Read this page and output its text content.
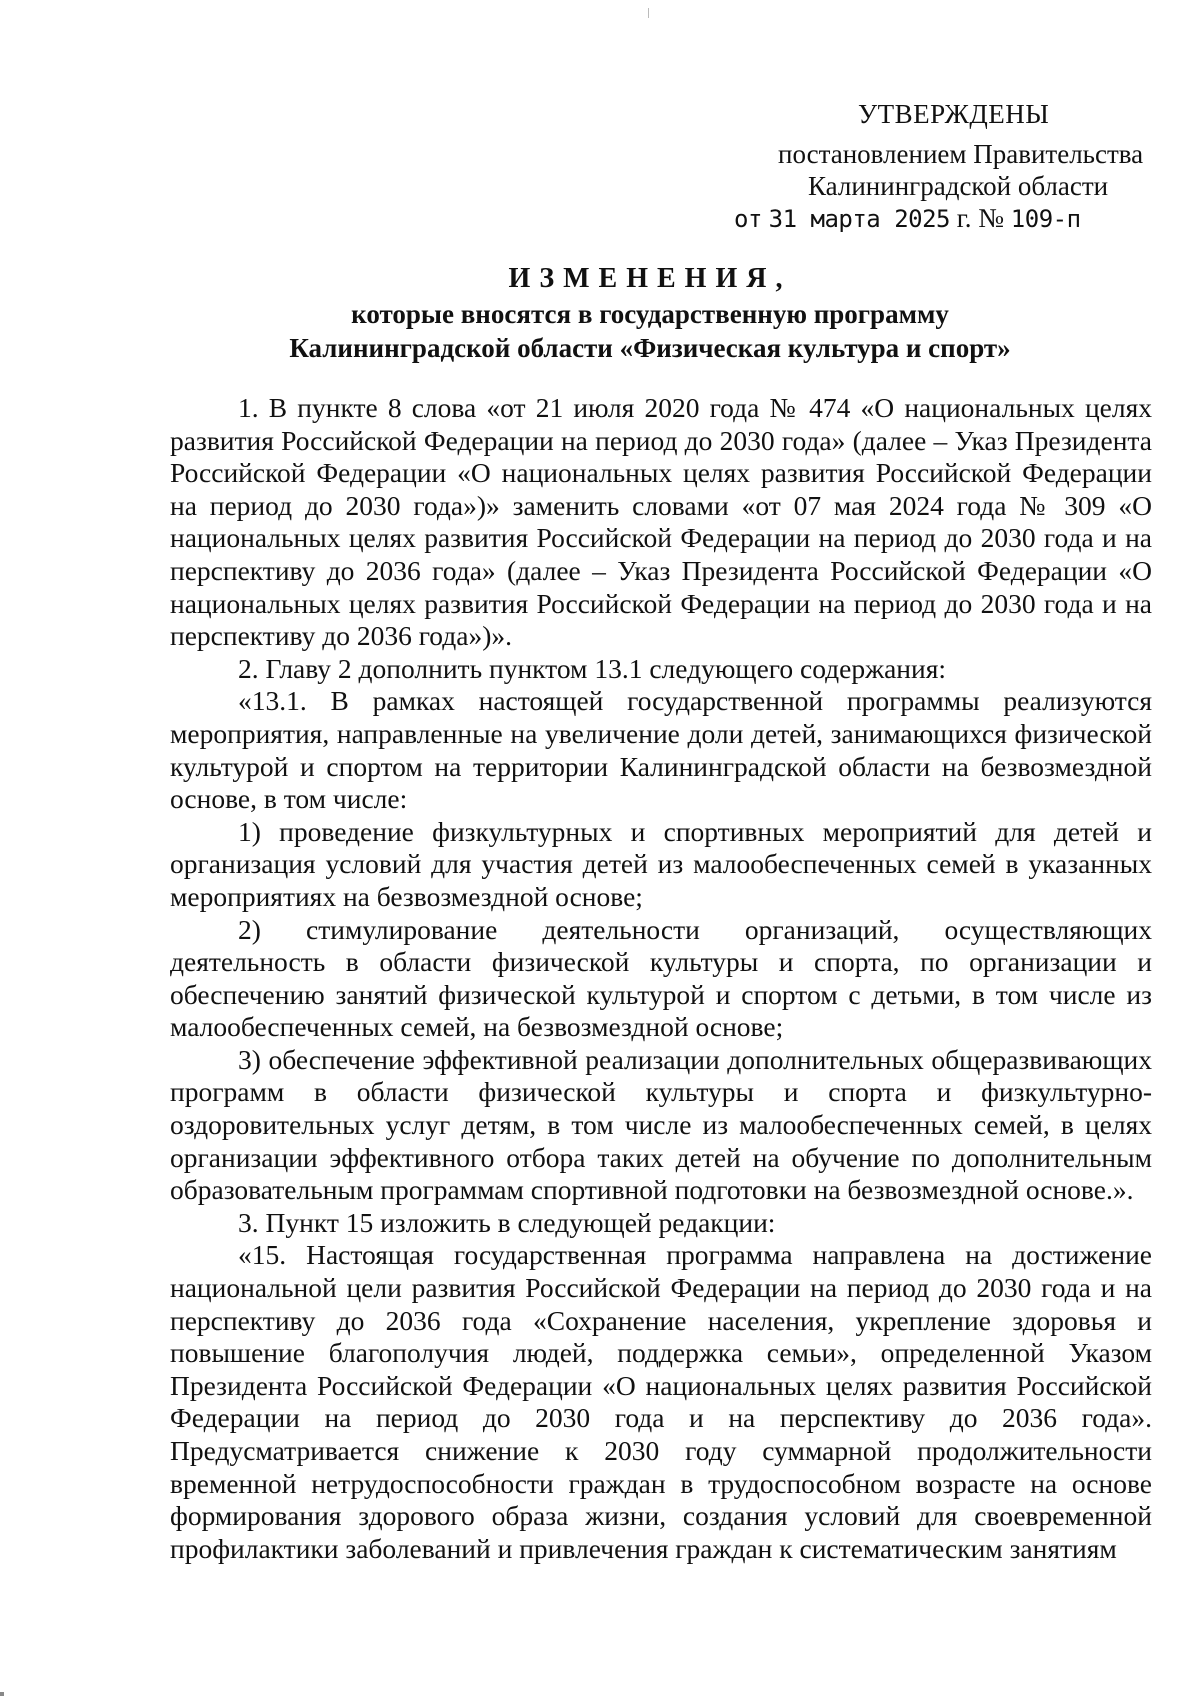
УТВЕРЖДЕНЫ
постановлением Правительства
Калининградской области
от 31 марта 2025 г. № 109-п
ИЗМЕНЕНИЯ,
которые вносятся в государственную программу
Калининградской области «Физическая культура и спорт»

1. В пункте 8 слова «от 21 июля 2020 года № 474 «О национальных целях развития Российской Федерации на период до 2030 года» (далее – Указ Президента Российской Федерации «О национальных целях развития Российской Федерации на период до 2030 года»)» заменить словами «от 07 мая 2024 года № 309 «О национальных целях развития Российской Федерации на период до 2030 года и на перспективу до 2036 года» (далее – Указ Президента Российской Федерации «О национальных целях развития Российской Федерации на период до 2030 года и на перспективу до 2036 года»)».

2. Главу 2 дополнить пунктом 13.1 следующего содержания:

«13.1. В рамках настоящей государственной программы реализуются мероприятия, направленные на увеличение доли детей, занимающихся физической культурой и спортом на территории Калининградской области на безвозмездной основе, в том числе:

1) проведение физкультурных и спортивных мероприятий для детей и организация условий для участия детей из малообеспеченных семей в указанных мероприятиях на безвозмездной основе;

2) стимулирование деятельности организаций, осуществляющих деятельность в области физической культуры и спорта, по организации и обеспечению занятий физической культурой и спортом с детьми, в том числе из малообеспеченных семей, на безвозмездной основе;

3) обеспечение эффективной реализации дополнительных общеразвивающих программ в области физической культуры и спорта и физкультурно-оздоровительных услуг детям, в том числе из малообеспеченных семей, в целях организации эффективного отбора таких детей на обучение по дополнительным образовательным программам спортивной подготовки на безвозмездной основе.».

3. Пункт 15 изложить в следующей редакции:

«15. Настоящая государственная программа направлена на достижение национальной цели развития Российской Федерации на период до 2030 года и на перспективу до 2036 года «Сохранение населения, укрепление здоровья и повышение благополучия людей, поддержка семьи», определенной Указом Президента Российской Федерации «О национальных целях развития Российской Федерации на период до 2030 года и на перспективу до 2036 года». Предусматривается снижение к 2030 году суммарной продолжительности временной нетрудоспособности граждан в трудоспособном возрасте на основе формирования здорового образа жизни, создания условий для своевременной профилактики заболеваний и привлечения граждан к систематическим занятиям
